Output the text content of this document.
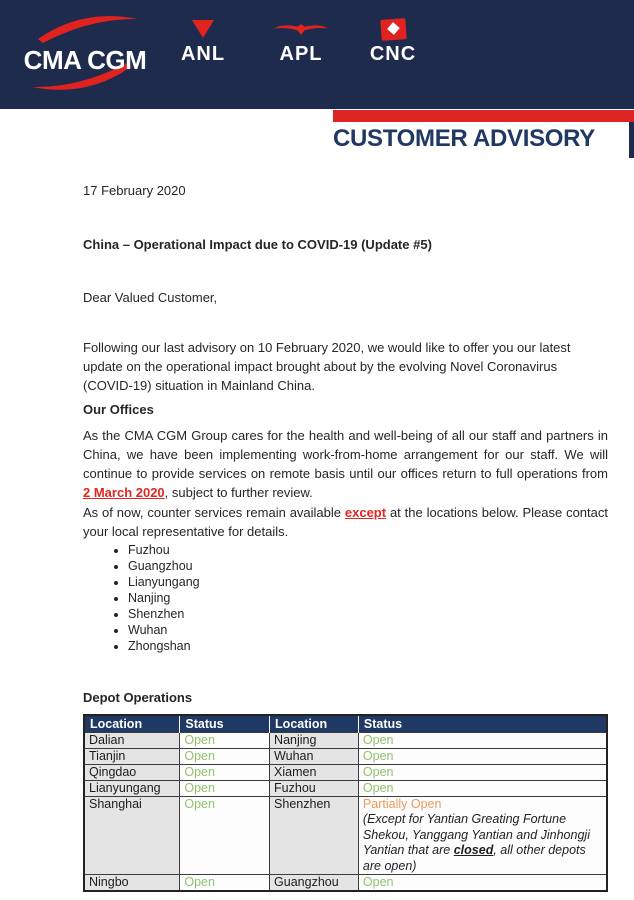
CMA CGM	ANL	APL	CNC
CUSTOMER ADVISORY
17 February 2020
China – Operational Impact due to COVID-19 (Update #5)
Dear Valued Customer,
Following our last advisory on 10 February 2020, we would like to offer you our latest update on the operational impact brought about by the evolving Novel Coronavirus (COVID-19) situation in Mainland China.
Our Offices
As the CMA CGM Group cares for the health and well-being of all our staff and partners in China, we have been implementing work-from-home arrangement for our staff. We will continue to provide services on remote basis until our offices return to full operations from 2 March 2020, subject to further review.
As of now, counter services remain available except at the locations below. Please contact your local representative for details.
• Fuzhou
• Guangzhou
• Lianyungang
• Nanjing
• Shenzhen
• Wuhan
• Zhongshan
Depot Operations
Location	Status	Location	Status
Dalian	Open	Nanjing	Open
Tianjin	Open	Wuhan	Open
Qingdao	Open	Xiamen	Open
Lianyungang	Open	Fuzhou	Open
Shanghai	Open	Shenzhen	Partially Open
(Except for Yantian Greating Fortune Shekou, Yanggang Yantian and Jinhongji Yantian that are closed, all other depots are open)

Ningbo	Open	Guangzhou	Open
